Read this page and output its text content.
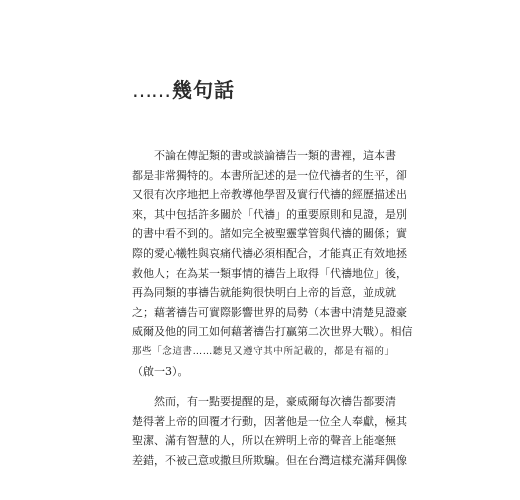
…… 幾句話
不論在傳記類的書或談論禱告一類的書裡，這本書
都是非常獨特的。本書所記述的是一位代禱者的生平，卻
又很有次序地把上帝教導他學習及實行代禱的經歷描述出
來，其中包括許多關於「代禱」的重要原則和見證，是別
的書中看不到的。諸如完全被聖靈掌管與代禱的關係；實
際的愛心犧牲與哀痛代禱必須相配合，才能真正有效地拯
救他人；在為某一類事情的禱告上取得「代禱地位」後，
再為同類的事禱告就能夠很快明白上帝的旨意，並成就
之；藉著禱告可實際影響世界的局勢（本書中清楚見證豪
威爾及他的同工如何藉著禱告打贏第二次世界大戰）。相信
那些「念這書……聽見又遵守其中所記載的，都是有福的」
（啟一3）。
然而，有一點要提醒的是，豪威爾每次禱告都要清
楚得著上帝的回覆才行動，因著他是一位全人奉獻，極其
聖潔、滿有智慧的人，所以在辨明上帝的聲音上能毫無
差錯，不被己意或撒旦所欺騙。但在台灣這樣充滿拜偶像
